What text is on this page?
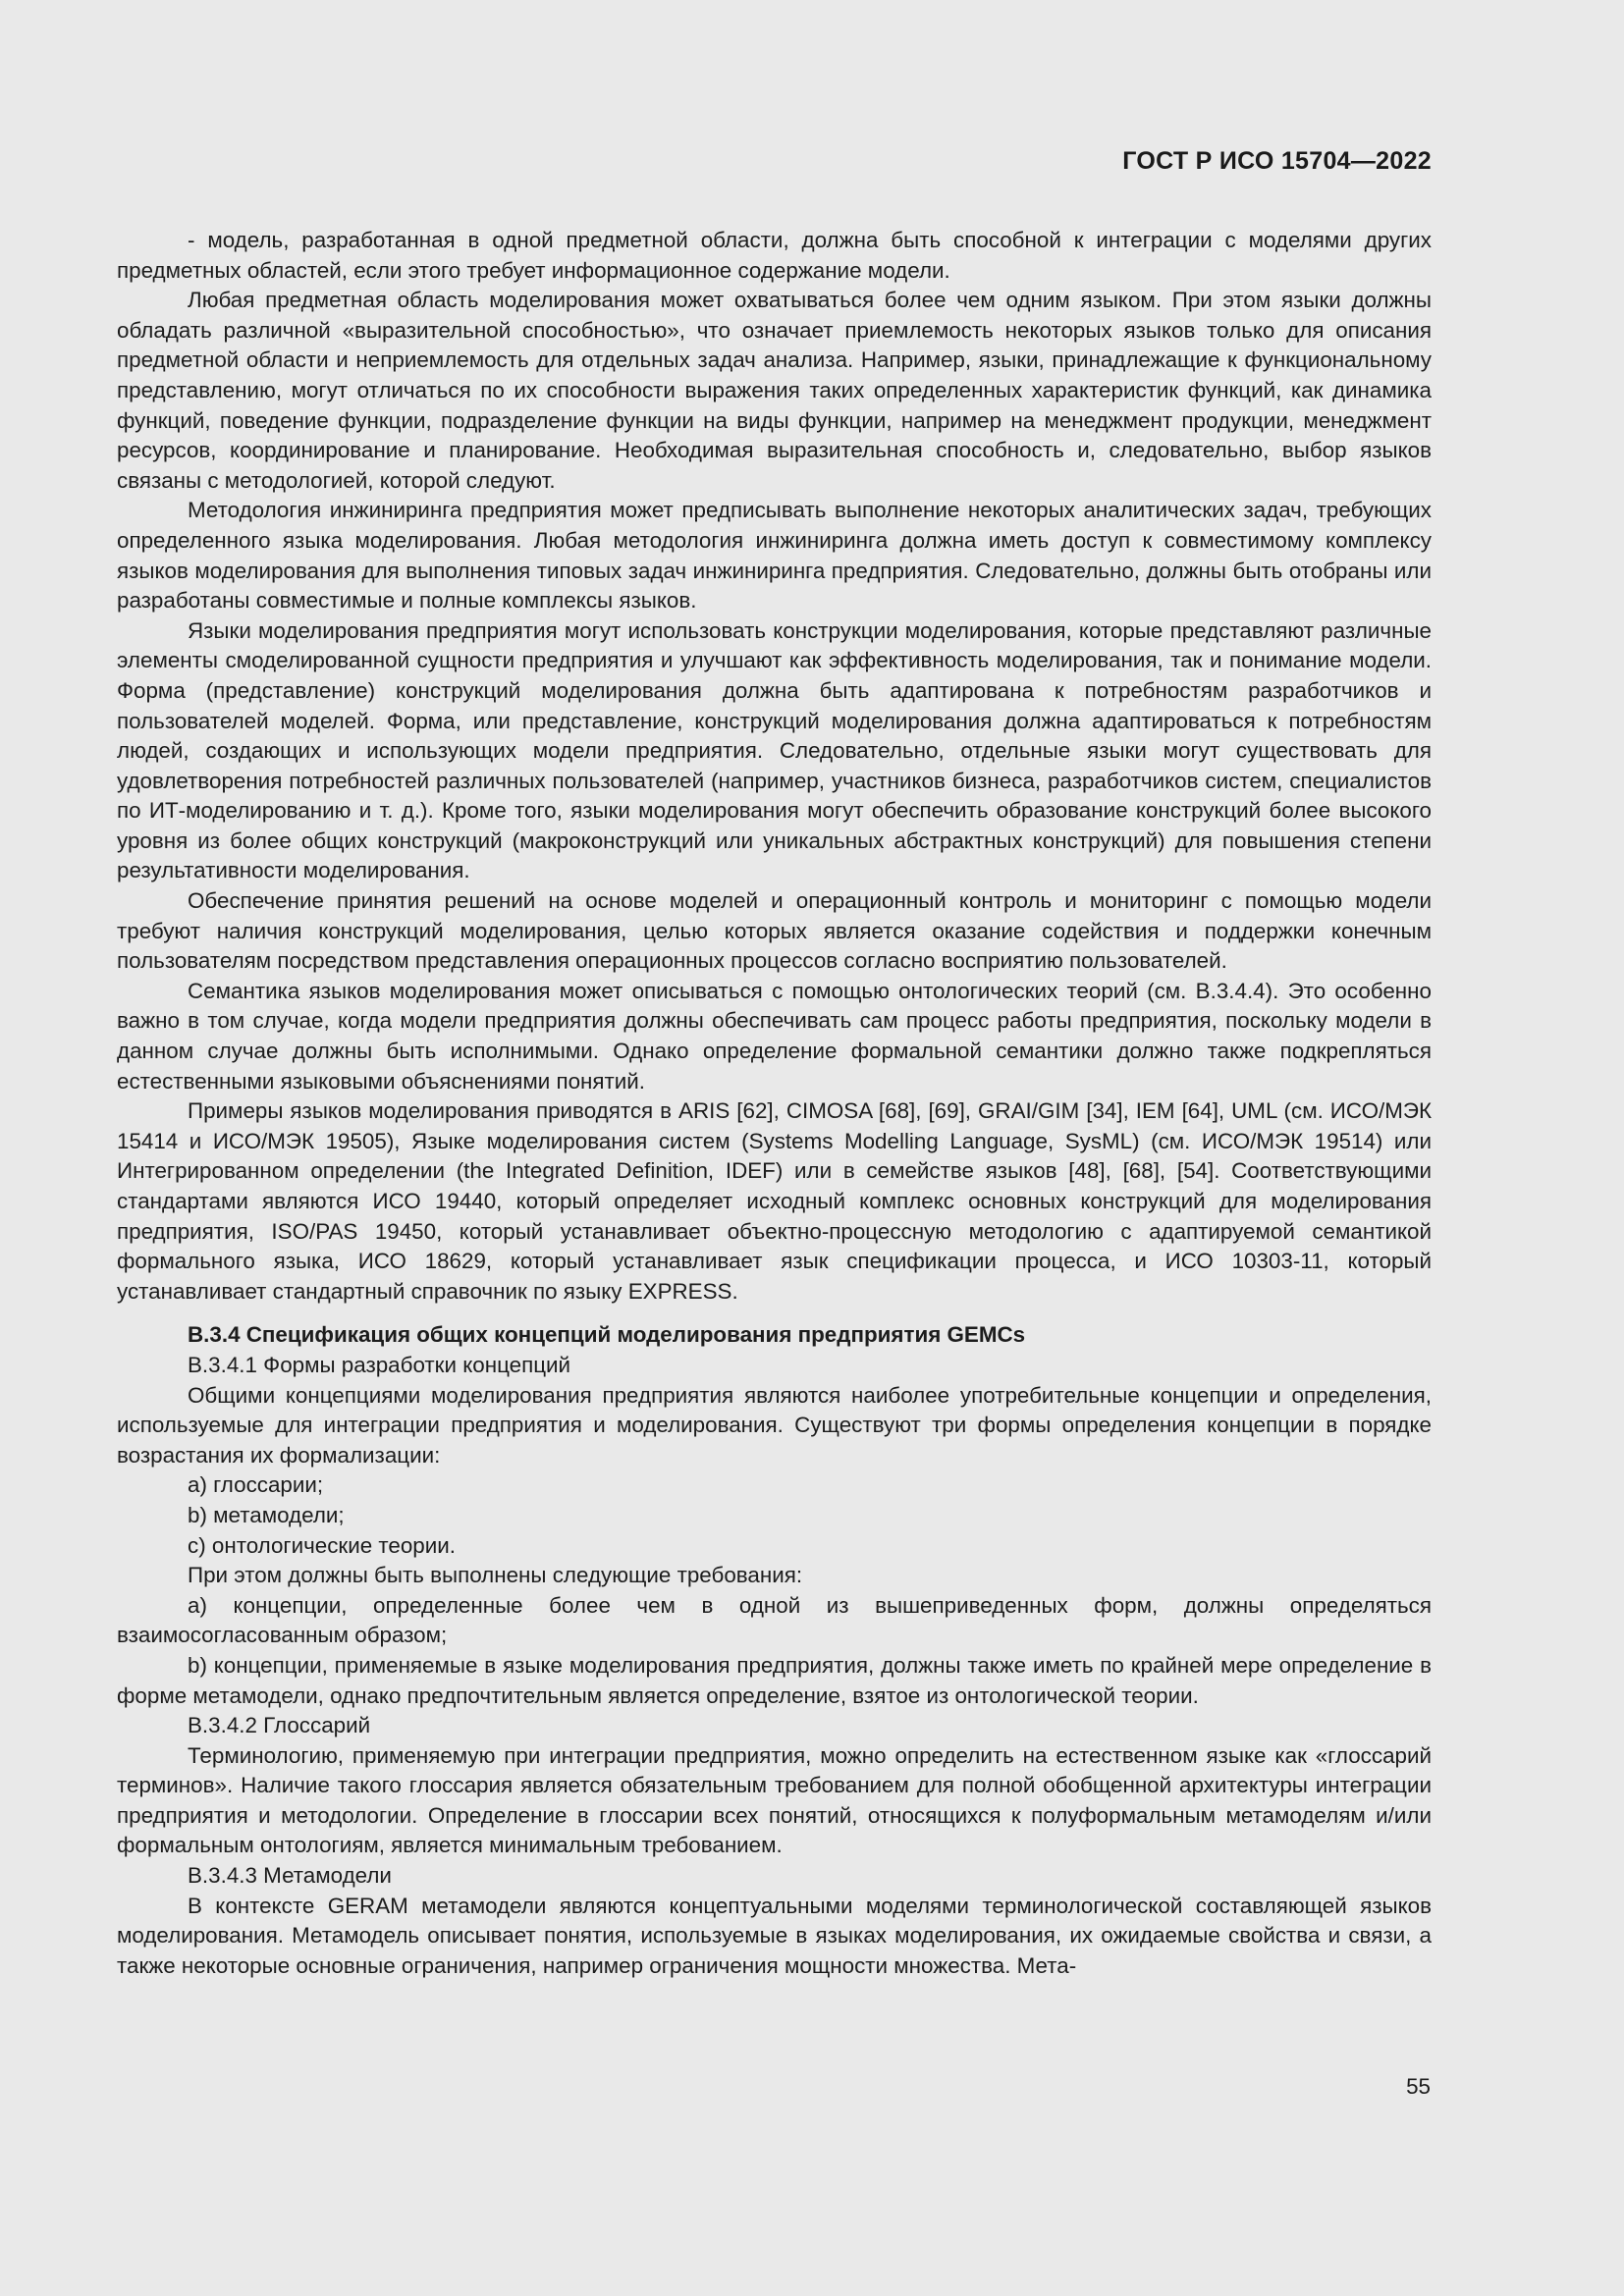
ГОСТ Р ИСО 15704—2022

- модель, разработанная в одной предметной области, должна быть способной к интеграции с моделями других предметных областей, если этого требует информационное содержание модели.

Любая предметная область моделирования может охватываться более чем одним языком. При этом языки должны обладать различной «выразительной способностью», что означает приемлемость некоторых языков только для описания предметной области и неприемлемость для отдельных задач анализа. Например, языки, принадлежащие к функциональному представлению, могут отличаться по их способности выражения таких определенных характеристик функций, как динамика функций, поведение функции, подразделение функции на виды функции, например на менеджмент продукции, менеджмент ресурсов, координирование и планирование. Необходимая выразительная способность и, следовательно, выбор языков связаны с методологией, которой следуют.

Методология инжиниринга предприятия может предписывать выполнение некоторых аналитических задач, требующих определенного языка моделирования. Любая методология инжиниринга должна иметь доступ к совместимому комплексу языков моделирования для выполнения типовых задач инжиниринга предприятия. Следовательно, должны быть отобраны или разработаны совместимые и полные комплексы языков.

Языки моделирования предприятия могут использовать конструкции моделирования, которые представляют различные элементы смоделированной сущности предприятия и улучшают как эффективность моделирования, так и понимание модели. Форма (представление) конструкций моделирования должна быть адаптирована к потребностям разработчиков и пользователей моделей. Форма, или представление, конструкций моделирования должна адаптироваться к потребностям людей, создающих и использующих модели предприятия. Следовательно, отдельные языки могут существовать для удовлетворения потребностей различных пользователей (например, участников бизнеса, разработчиков систем, специалистов по ИТ-моделированию и т. д.). Кроме того, языки моделирования могут обеспечить образование конструкций более высокого уровня из более общих конструкций (макроконструкций или уникальных абстрактных конструкций) для повышения степени результативности моделирования.

Обеспечение принятия решений на основе моделей и операционный контроль и мониторинг с помощью модели требуют наличия конструкций моделирования, целью которых является оказание содействия и поддержки конечным пользователям посредством представления операционных процессов согласно восприятию пользователей.

Семантика языков моделирования может описываться с помощью онтологических теорий (см. В.3.4.4). Это особенно важно в том случае, когда модели предприятия должны обеспечивать сам процесс работы предприятия, поскольку модели в данном случае должны быть исполнимыми. Однако определение формальной семантики должно также подкрепляться естественными языковыми объяснениями понятий.

Примеры языков моделирования приводятся в ARIS [62], CIMOSA [68], [69], GRAI/GIM [34], IEM [64], UML (см. ИСО/МЭК 15414 и ИСО/МЭК 19505), Языке моделирования систем (Systems Modelling Language, SysML) (см. ИСО/МЭК 19514) или Интегрированном определении (the Integrated Definition, IDEF) или в семействе языков [48], [68], [54]. Соответствующими стандартами являются ИСО 19440, который определяет исходный комплекс основных конструкций для моделирования предприятия, ISO/PAS 19450, который устанавливает объектно-процессную методологию с адаптируемой семантикой формального языка, ИСО 18629, который устанавливает язык спецификации процесса, и ИСО 10303-11, который устанавливает стандартный справочник по языку EXPRESS.

В.3.4 Спецификация общих концепций моделирования предприятия GEMCs

В.3.4.1 Формы разработки концепций

Общими концепциями моделирования предприятия являются наиболее употребительные концепции и определения, используемые для интеграции предприятия и моделирования. Существуют три формы определения концепции в порядке возрастания их формализации:

a) глоссарии;

b) метамодели;

c) онтологические теории.

При этом должны быть выполнены следующие требования:

a) концепции, определенные более чем в одной из вышеприведенных форм, должны определяться взаимосогласованным образом;

b) концепции, применяемые в языке моделирования предприятия, должны также иметь по крайней мере определение в форме метамодели, однако предпочтительным является определение, взятое из онтологической теории.

В.3.4.2 Глоссарий

Терминологию, применяемую при интеграции предприятия, можно определить на естественном языке как «глоссарий терминов». Наличие такого глоссария является обязательным требованием для полной обобщенной архитектуры интеграции предприятия и методологии. Определение в глоссарии всех понятий, относящихся к полуформальным метамоделям и/или формальным онтологиям, является минимальным требованием.

В.3.4.3 Метамодели

В контексте GERAM метамодели являются концептуальными моделями терминологической составляющей языков моделирования. Метамодель описывает понятия, используемые в языках моделирования, их ожидаемые свойства и связи, а также некоторые основные ограничения, например ограничения мощности множества. Мета-

55
